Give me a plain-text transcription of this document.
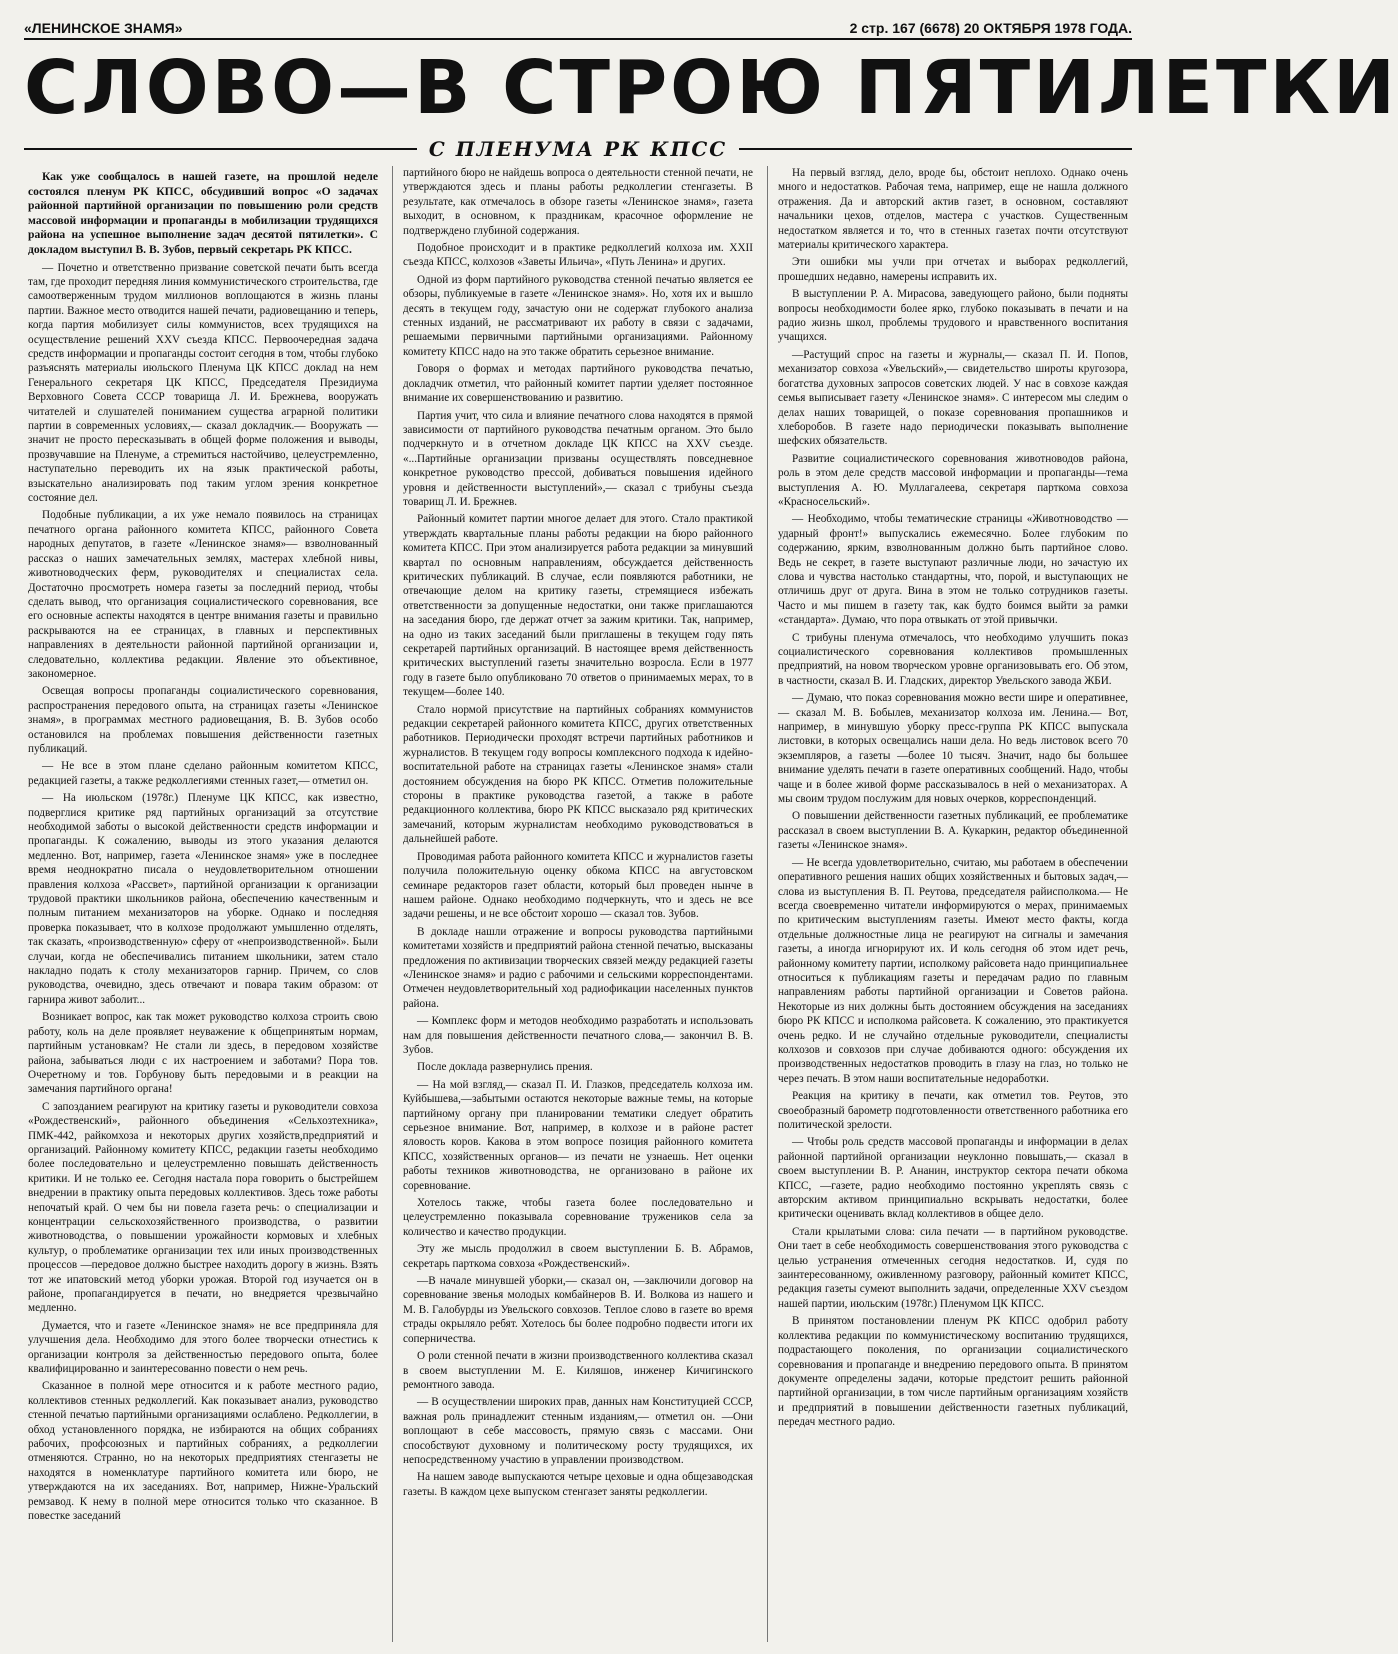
«ЛЕНИНСКОЕ ЗНАМЯ»	2 стр. 167 (6678) 20 ОКТЯБРЯ 1978 ГОДА.
СЛОВО—В СТРОЮ ПЯТИЛЕТКИ
С ПЛЕНУМА РК КПСС

Как уже сообщалось в нашей газете, на прошлой неделе состоялся пленум РК КПСС, обсудивший вопрос «О задачах районной партийной организации по повышению роли средств массовой информации и пропаганды в мобилизации трудящихся района на успешное выполнение задач десятой пятилетки». С докладом выступил В. В. Зубов, первый секретарь РК КПСС.

— Почетно и ответственно призвание советской печати быть всегда там, где проходит передняя линия коммунистического строительства, где самоотверженным трудом миллионов воплощаются в жизнь планы партии. Важное место отводится нашей печати, радиовещанию и теперь, когда партия мобилизует силы коммунистов, всех трудящихся на осуществление решений XXV съезда КПСС. Первоочередная задача средств информации и пропаганды состоит сегодня в том, чтобы глубоко разъяснять материалы июльского Пленума ЦК КПСС доклад на нем Генерального секретаря ЦК КПСС, Председателя Президиума Верховного Совета СССР товарища Л. И. Брежнева, вооружать читателей и слушателей пониманием существа аграрной политики партии в современных условиях,— сказал докладчик.— Вооружать —значит не просто пересказывать в общей форме положения и выводы, прозвучавшие на Пленуме, а стремиться настойчиво, целеустремленно, наступательно переводить их на язык практической работы, взыскательно анализировать под таким углом зрения конкретное состояние дел.

Подобные публикации, а их уже немало появилось на страницах печатного органа районного комитета КПСС, районного Совета народных депутатов, в газете «Ленинское знамя»— взволнованный рассказ о наших замечательных землях, мастерах хлебной нивы, животноводческих ферм, руководителях и специалистах села. Достаточно просмотреть номера газеты за последний период, чтобы сделать вывод, что организация социалистического соревнования, все его основные аспекты находятся в центре внимания газеты и правильно раскрываются на ее страницах, в главных и перспективных направлениях в деятельности районной партийной организации и, следовательно, коллектива редакции. Явление это объективное, закономерное.

Освещая вопросы пропаганды социалистического соревнования, распространения передового опыта, на страницах газеты «Ленинское знамя», в программах местного радиовещания, В. В. Зубов особо остановился на проблемах повышения действенности газетных публикаций.

— Не все в этом плане сделано районным комитетом КПСС, редакцией газеты, а также редколлегиями стенных газет,— отметил он.

— На июльском (1978г.) Пленуме ЦК КПСС, как известно, подверглися критике ряд партийных организаций за отсутствие необходимой заботы о высокой действенности средств информации и пропаганды. К сожалению, выводы из этого указания делаются медленно. Вот, например, газета «Ленинское знамя» уже в последнее время неоднократно писала о неудовлетворительном отношении правления колхоза «Рассвет», партийной организации к организации трудовой практики школьников района, обеспечению качественным и полным питанием механизаторов на уборке. Однако и последняя проверка показывает, что в колхозе продолжают умышленно отделять, так сказать, «производственную» сферу от «непроизводственной». Были случаи, когда не обеспечивались питанием школьники, затем стало накладно подать к столу механизаторов гарнир. Причем, со слов руководства, очевидно, здесь отвечают и повара таким образом: от гарнира живот заболит...

Возникает вопрос, как так может руководство колхоза строить свою работу, коль на деле проявляет неуважение к общепринятым нормам, партийным установкам? Не стали ли здесь, в передовом хозяйстве района, забываться люди с их настроением и заботами? Пора тов. Очеретному и тов. Горбунову быть передовыми и в реакции на замечания партийного органа!

С запозданием реагируют на критику газеты и руководители совхоза «Рождественский», районного объединения «Сельхозтехника», ПМК-442, райкомхоза и некоторых других хозяйств,предприятий и организаций. Районному комитету КПСС, редакции газеты необходимо более последовательно и целеустремленно повышать действенность критики. И не только ее. Сегодня настала пора говорить о быстрейшем внедрении в практику опыта передовых коллективов. Здесь тоже работы непочатый край. О чем бы ни повела газета речь: о специализации и концентрации сельскохозяйственного производства, о развитии животноводства, о повышении урожайности кормовых и хлебных культур, о проблематике организации тех или иных производственных процессов —передовое должно быстрее находить дорогу в жизнь. Взять тот же ипатовский метод уборки урожая. Второй год изучается он в районе, пропагандируется в печати, но внедряется чрезвычайно медленно.

Думается, что и газете «Ленинское знамя» не все предприняла для улучшения дела. Необходимо для этого более творчески отнестись к организации контроля за действенностью передового опыта, более квалифицированно и заинтересованно повести о нем речь.

Сказанное в полной мере относится и к работе местного радио, коллективов стенных редколлегий. Как показывает анализ, руководство стенной печатью партийными организациями ослаблено. Редколлегии, в обход установленного порядка, не избираются на общих собраниях рабочих, профсоюзных и партийных собраниях, а редколлегии отменяются. Странно, но на некоторых предприятиях стенгазеты не находятся в номенклатуре партийного комитета или бюро, не утверждаются на их заседаниях. Вот, например, Нижне-Уральский ремзавод. К нему в полной мере относится только что сказанное. В повестке заседаний

партийного бюро не найдешь вопроса о деятельности стенной печати, не утверждаются здесь и планы работы редколлегии стенгазеты. В результате, как отмечалось в обзоре газеты «Ленинское знамя», газета выходит, в основном, к праздникам, красочное оформление не подтверждено глубиной содержания.

Подобное происходит и в практике редколлегий колхоза им. XXII съезда КПСС, колхозов «Заветы Ильича», «Путь Ленина» и других.

Одной из форм партийного руководства стенной печатью является ее обзоры, публикуемые в газете «Ленинское знамя». Но, хотя их и вышло десять в текущем году, зачастую они не содержат глубокого анализа стенных изданий, не рассматривают их работу в связи с задачами, решаемыми первичными партийными организациями. Районному комитету КПСС надо на это также обратить серьезное внимание.

Говоря о формах и методах партийного руководства печатью, докладчик отметил, что районный комитет партии уделяет постоянное внимание их совершенствованию и развитию.

Партия учит, что сила и влияние печатного слова находятся в прямой зависимости от партийного руководства печатным органом. Это было подчеркнуто и в отчетном докладе ЦК КПСС на XXV съезде. «...Партийные организации призваны осуществлять повседневное конкретное руководство прессой, добиваться повышения идейного уровня и действенности выступлений»,— сказал с трибуны съезда товарищ Л. И. Брежнев.

Районный комитет партии многое делает для этого. Стало практикой утверждать квартальные планы работы редакции на бюро районного комитета КПСС. При этом анализируется работа редакции за минувший квартал по основным направлениям, обсуждается действенность критических публикаций. В случае, если появляются работники, не отвечающие делом на критику газеты, стремящиеся избежать ответственности за допущенные недостатки, они также приглашаются на заседания бюро, где держат отчет за зажим критики. Так, например, на одно из таких заседаний были приглашены в текущем году пять секретарей партийных организаций. В настоящее время действенность критических выступлений газеты значительно возросла. Если в 1977 году в газете было опубликовано 70 ответов о принимаемых мерах, то в текущем—более 140.

Стало нормой присутствие на партийных собраниях коммунистов редакции секретарей районного комитета КПСС, других ответственных работников. Периодически проходят встречи партийных работников и журналистов. В текущем году вопросы комплексного подхода к идейно- воспитательной работе на страницах газеты «Ленинское знамя» стали достоянием обсуждения на бюро РК КПСС. Отметив положительные стороны в практике руководства газетой, а также в работе редакционного коллектива, бюро РК КПСС высказало ряд критических замечаний, которым журналистам необходимо руководствоваться в дальнейшей работе.

Проводимая работа районного комитета КПСС и журналистов газеты получила положительную оценку обкома КПСС на августовском семинаре редакторов газет области, который был проведен нынче в нашем районе. Однако необходимо подчеркнуть, что и здесь не все задачи решены, и не все обстоит хорошо — сказал тов. Зубов.

В докладе нашли отражение и вопросы руководства партийными комитетами хозяйств и предприятий района стенной печатью, высказаны предложения по активизации творческих связей между редакцией газеты «Ленинское знамя» и радио с рабочими и сельскими корреспондентами. Отмечен неудовлетворительный ход радиофикации населенных пунктов района.

— Комплекс форм и методов необходимо разработать и использовать нам для повышения действенности печатного слова,— закончил В. В. Зубов.

После доклада развернулись прения.

— На мой взгляд,— сказал П. И. Глазков, председатель колхоза им. Куйбышева,—забытыми остаются некоторые важные темы, на которые партийному органу при планировании тематики следует обратить серьезное внимание. Вот, например, в колхозе и в районе растет яловость коров. Какова в этом вопросе позиция районного комитета КПСС, хозяйственных органов— из печати не узнаешь. Нет оценки работы техников животноводства, не организовано в районе их соревнование.

Хотелось также, чтобы газета более последовательно и целеустремленно показывала соревнование тружеников села за количество и качество продукции.

Эту же мысль продолжил в своем выступлении Б. В. Абрамов, секретарь парткома совхоза «Рождественский».

—В начале минувшей уборки,— сказал он, —заключили договор на соревнование звенья молодых комбайнеров В. И. Волкова из нашего и М. В. Галобурды из Увельского совхозов. Теплое слово в газете во время страды окрыляло ребят. Хотелось бы более подробно подвести итоги их соперничества.

О роли стенной печати в жизни производственного коллектива сказал в своем выступлении М. Е. Киляшов, инженер Кичигинского ремонтного завода.

— В осуществлении широких прав, данных нам Конституцией СССР, важная роль принадлежит стенным изданиям,— отметил он. —Они воплощают в себе массовость, прямую связь с массами. Они способствуют духовному и политическому росту трудящихся, их непосредственному участию в управлении производством.

На нашем заводе выпускаются четыре цеховые и одна общезаводская газеты. В каждом цехе выпуском стенгазет заняты редколлегии.

На первый взгляд, дело, вроде бы, обстоит неплохо. Однако очень много и недостатков. Рабочая тема, например, еще не нашла должного отражения. Да и авторский актив газет, в основном, составляют начальники цехов, отделов, мастера с участков. Существенным недостатком является и то, что в стенных газетах почти отсутствуют материалы критического характера.

Эти ошибки мы учли при отчетах и выборах редколлегий, прошедших недавно, намерены исправить их.

В выступлении Р. А. Мирасова, заведующего районо, были подняты вопросы необходимости более ярко, глубоко показывать в печати и на радио жизнь школ, проблемы трудового и нравственного воспитания учащихся.

—Растущий спрос на газеты и журналы,— сказал П. И. Попов, механизатор совхоза «Увельский»,— свидетельство широты кругозора, богатства духовных запросов советских людей. У нас в совхозе каждая семья выписывает газету «Ленинское знамя». С интересом мы следим о делах наших товарищей, о показе соревнования пропашников и хлеборобов. В газете надо периодически показывать выполнение шефских обязательств.

Развитие социалистического соревнования животноводов района, роль в этом деле средств массовой информации и пропаганды—тема выступления А. Ю. Муллагалеева, секретаря парткома совхоза «Красносельский».

— Необходимо, чтобы тематические страницы «Животноводство —ударный фронт!» выпускались ежемесячно. Более глубоким по содержанию, ярким, взволнованным должно быть партийное слово. Ведь не секрет, в газете выступают различные люди, но зачастую их слова и чувства настолько стандартны, что, порой, и выступающих не отличишь друг от друга. Вина в этом не только сотрудников газеты. Часто и мы пишем в газету так, как будто боимся выйти за рамки «стандарта». Думаю, что пора отвыкать от этой привычки.

С трибуны пленума отмечалось, что необходимо улучшить показ социалистического соревнования коллективов промышленных предприятий, на новом творческом уровне организовывать его. Об этом, в частности, сказал В. И. Гладских, директор Увельского завода ЖБИ.

— Думаю, что показ соревнования можно вести шире и оперативнее,— сказал М. В. Бобылев, механизатор колхоза им. Ленина.— Вот, например, в минувшую уборку пресс-группа РК КПСС выпускала листовки, в которых освещались наши дела. Но ведь листовок всего 70 экземпляров, а газеты —более 10 тысяч. Значит, надо бы большее внимание уделять печати в газете оперативных сообщений. Надо, чтобы чаще и в более живой форме рассказывалось в ней о механизаторах. А мы своим трудом послужим для новых очерков, корреспонденций.

О повышении действенности газетных публикаций, ее проблематике рассказал в своем выступлении В. А. Кукаркин, редактор объединенной газеты «Ленинское знамя».

— Не всегда удовлетворительно, считаю, мы работаем в обеспечении оперативного решения наших общих хозяйственных и бытовых задач,— слова из выступления В. П. Реутова, председателя райисполкома.— Не всегда своевременно читатели информируются о мерах, принимаемых по критическим выступлениям газеты. Имеют место факты, когда отдельные должностные лица не реагируют на сигналы и замечания газеты, а иногда игнорируют их. И коль сегодня об этом идет речь, районному комитету партии, исполкому райсовета надо принципиальнее относиться к публикациям газеты и передачам радио по главным направлениям работы партийной организации и Советов района. Некоторые из них должны быть достоянием обсуждения на заседаниях бюро РК КПСС и исполкома райсовета. К сожалению, это практикуется очень редко. И не случайно отдельные руководители, специалисты колхозов и совхозов при случае добиваются одного: обсуждения их производственных недостатков проводить в глазу на глаз, но только не через печать. В этом наши воспитательные недоработки.

Реакция на критику в печати, как отметил тов. Реутов, это своеобразный барометр подготовленности ответственного работника его политической зрелости.

— Чтобы роль средств массовой пропаганды и информации в делах районной партийной организации неуклонно повышать,— сказал в своем выступлении В. Р. Ананин, инструктор сектора печати обкома КПСС, —газете, радио необходимо постоянно укреплять связь с авторским активом принципиально вскрывать недостатки, более критически оценивать вклад коллективов в общее дело.

Стали крылатыми слова: сила печати — в партийном руководстве. Они тает в себе необходимость совершенствования этого руководства с целью устранения отмеченных сегодня недостатков. И, судя по заинтересованному, оживленному разговору, районный комитет КПСС, редакция газеты сумеют выполнить задачи, определенные XXV съездом нашей партии, июльским (1978г.) Пленумом ЦК КПСС.

В принятом постановлении пленум РК КПСС одобрил работу коллектива редакции по коммунистическому воспитанию трудящихся, подрастающего поколения, по организации социалистического соревнования и пропаганде и внедрению передового опыта. В принятом документе определены задачи, которые предстоит решить районной партийной организации, в том числе партийным организациям хозяйств и предприятий в повышении действенности газетных публикаций, передач местного радио.
